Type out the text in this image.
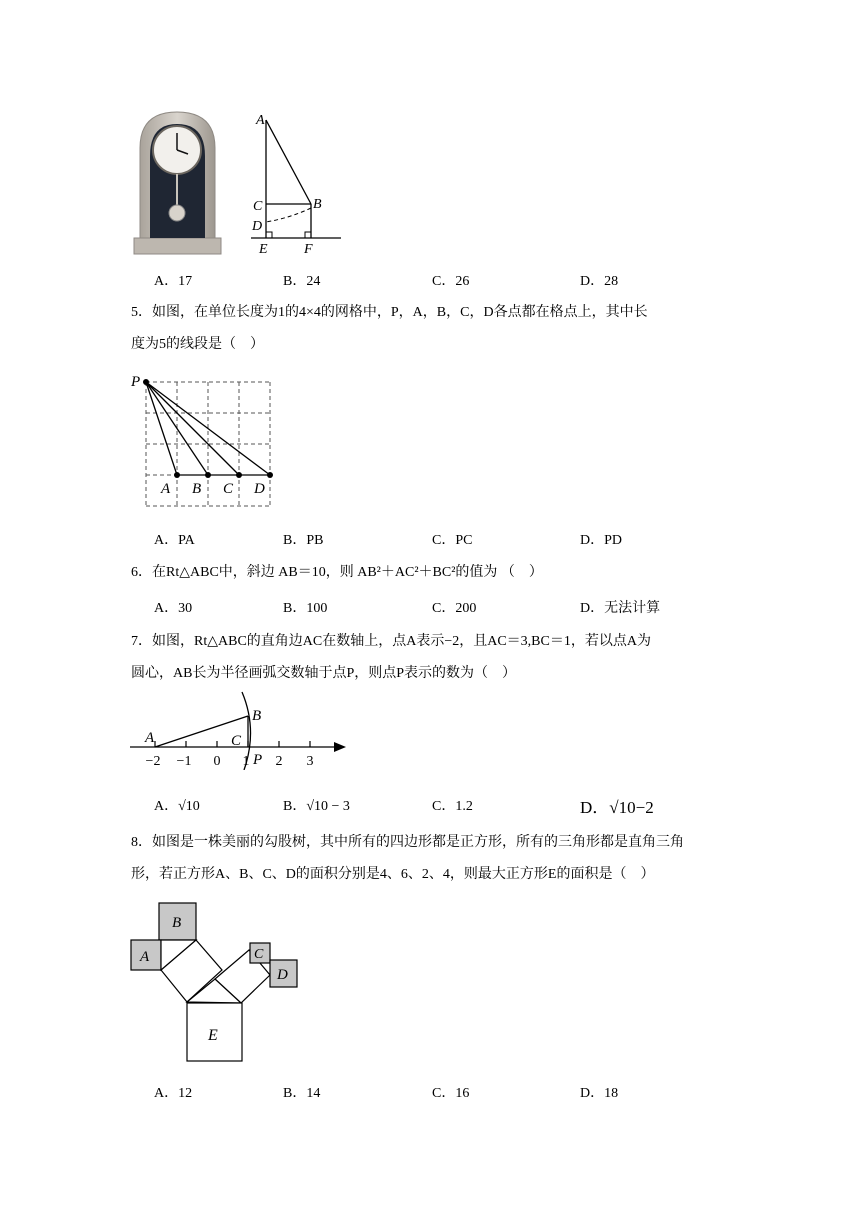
A
B
C
D
E	F
A．17	B．24	C．26	D．28
5．如图，在单位长度为1的4×4的网格中，P，A，B，C，D各点都在格点上，其中长
度为5的线段是（　）
P
A B C D
A．PA	B．PB	C．PC	D．PD
6．在Rt△ABC中，斜边 AB＝10，则 AB²＋AC²＋BC²的值为 （　）
A．30	B．100	C．200	D．无法计算
7．如图，Rt△ABC的直角边AC在数轴上，点A表示−2，且AC＝3,BC＝1，若以点A为
圆心，AB长为半径画弧交数轴于点P，则点P表示的数为（　）
A
B
C
P
−2 −1 0 1 2 3
A．√10	B．√10 − 3	C．1.2	D．√10−2
8．如图是一株美丽的勾股树，其中所有的四边形都是正方形，所有的三角形都是直角三角
形，若正方形A、B、C、D的面积分别是4、6、2、4，则最大正方形E的面积是（　）
B
A	C
D
E
A．12	B．14	C．16	D．18
